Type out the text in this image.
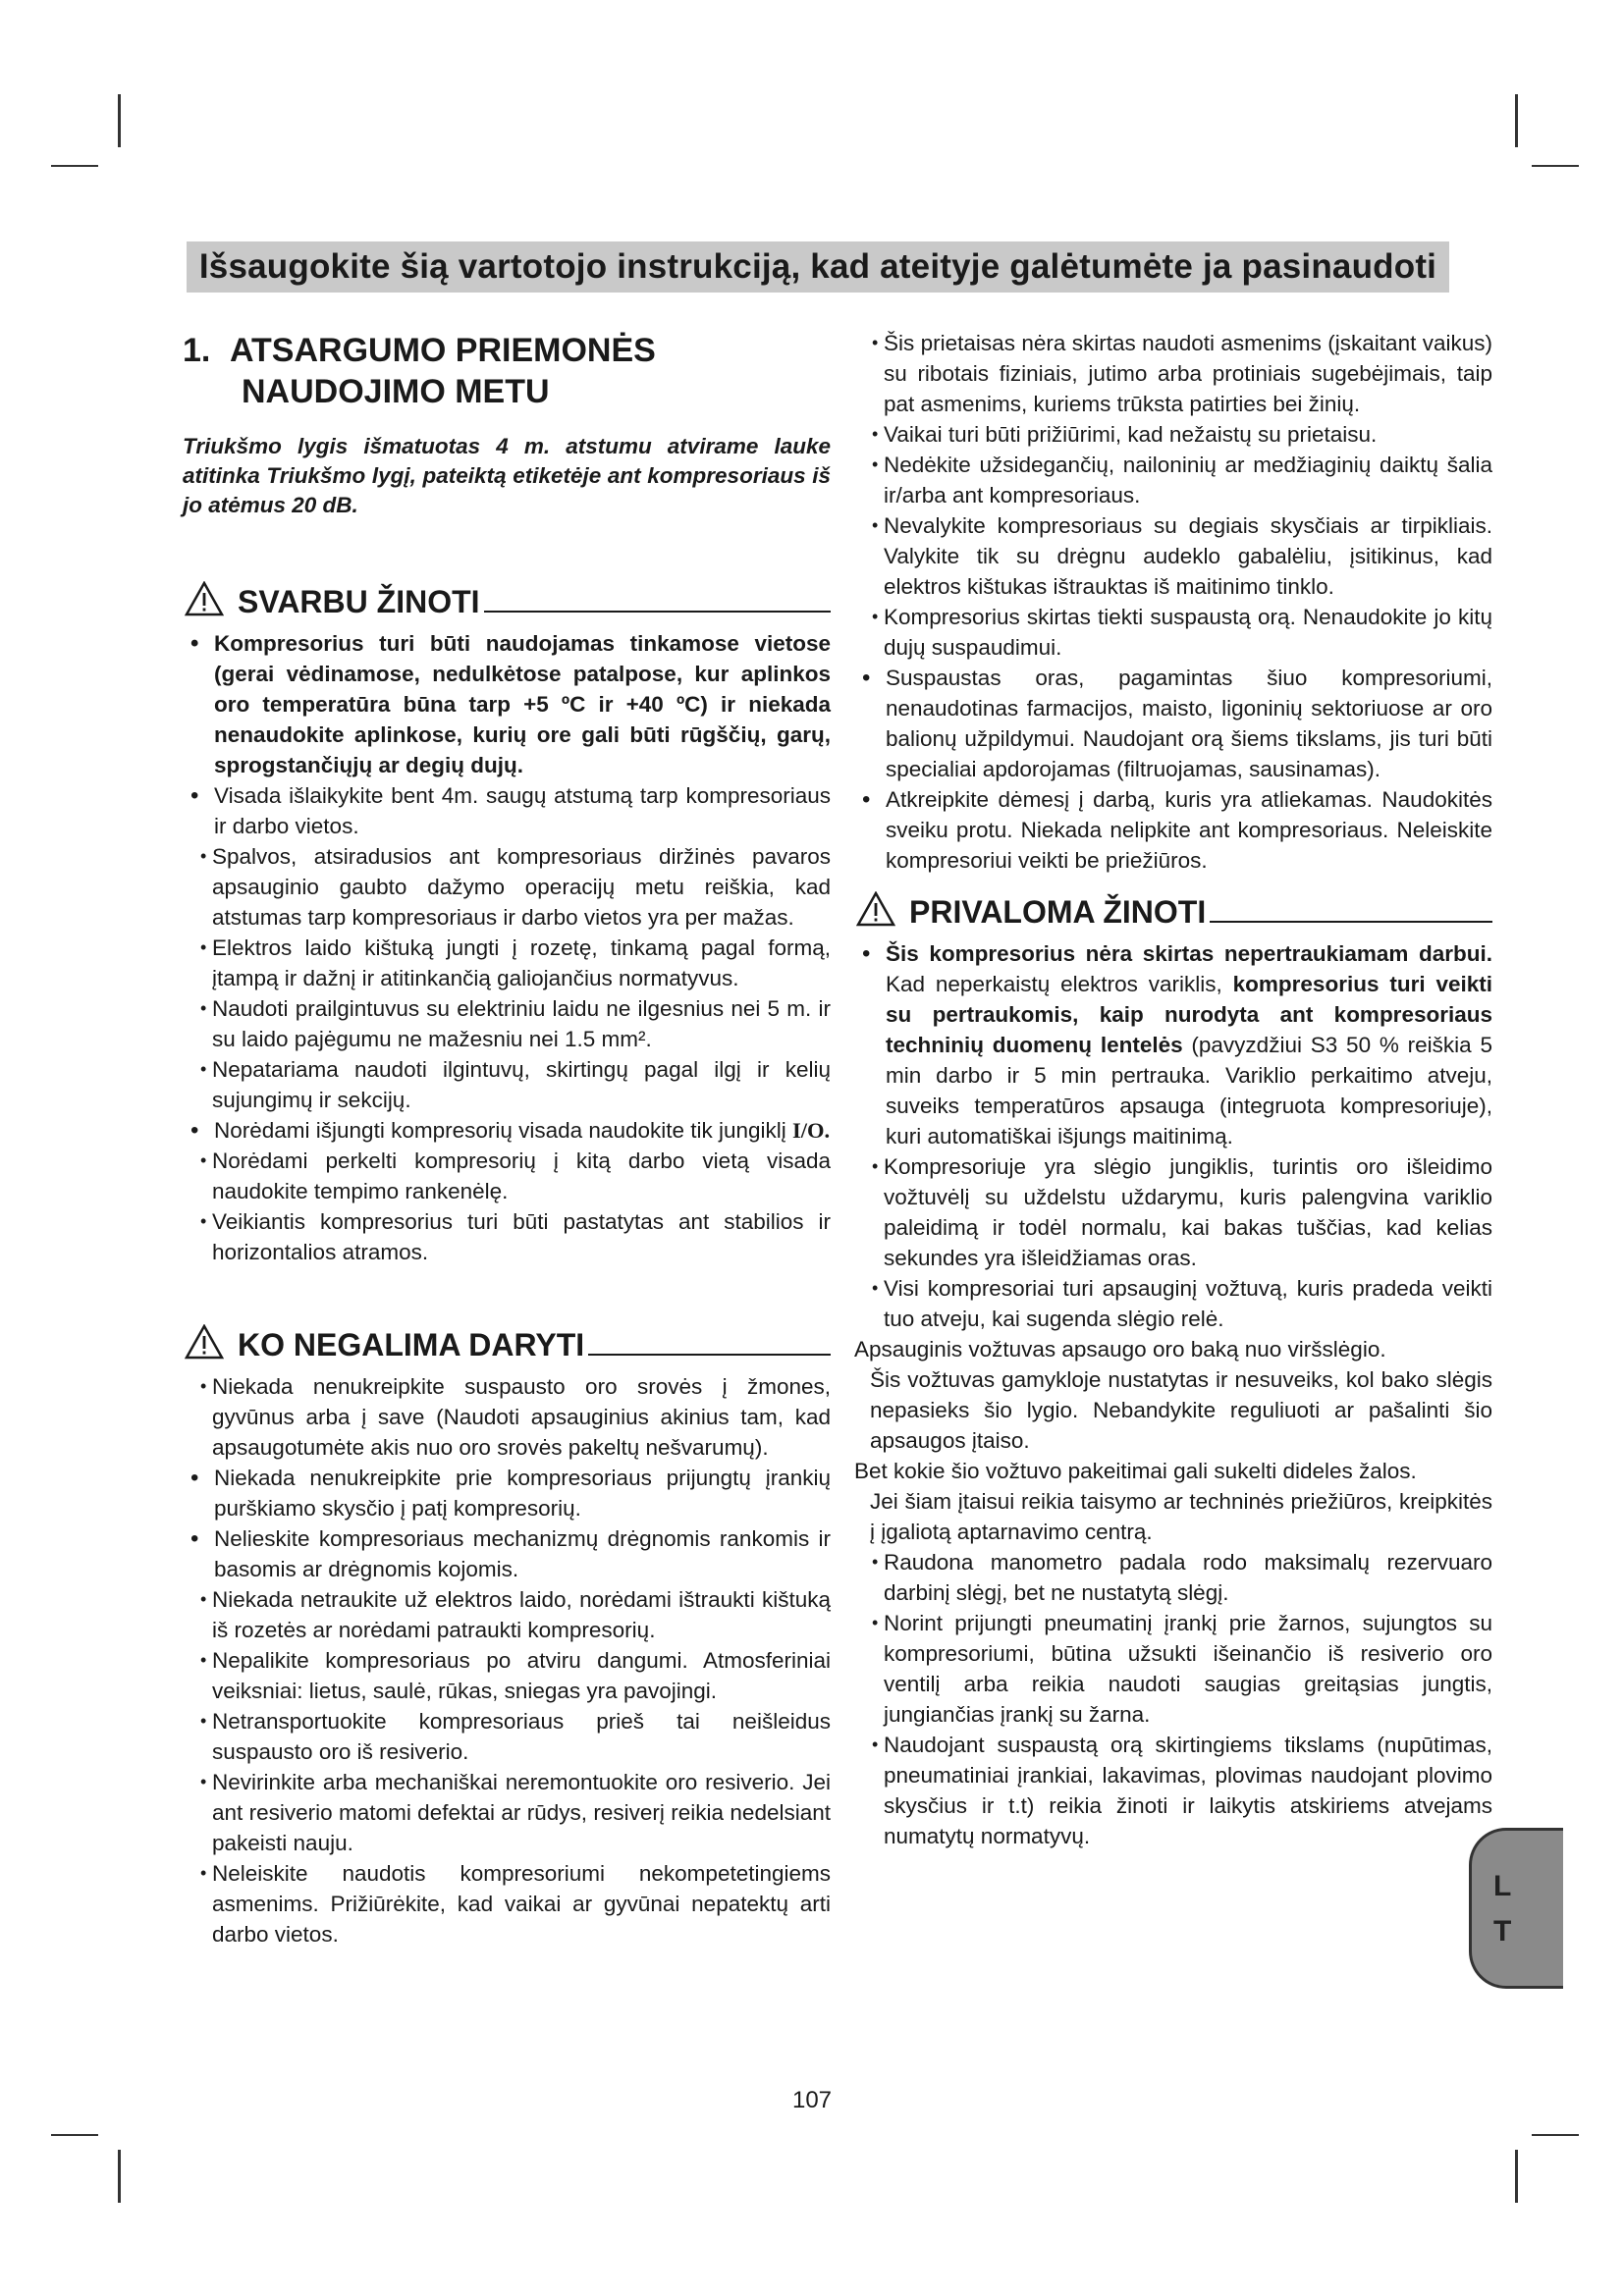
Išsaugokite šią vartotojo instrukciją, kad ateityje galėtumėte ja pasinaudoti
1. ATSARGUMO PRIEMONĖS
NAUDOJIMO METU

Triukšmo lygis išmatuotas 4 m. atstumu atvirame lauke atitinka Triukšmo lygį, pateiktą etiketėje ant kompresoriaus iš jo atėmus 20 dB.

SVARBU ŽINOTI
• Kompresorius turi būti naudojamas tinkamose vietose (gerai vėdinamose, nedulkėtose patalpose, kur aplinkos oro temperatūra būna tarp +5 ºC ir +40 ºC) ir niekada nenaudokite aplinkose, kurių ore gali būti rūgščių, garų, sprogstančiųjų ar degių dujų.
• Visada išlaikykite bent 4m. saugų atstumą tarp kompresoriaus ir darbo vietos.
• Spalvos, atsiradusios ant kompresoriaus diržinės pavaros apsauginio gaubto dažymo operacijų metu reiškia, kad atstumas tarp kompresoriaus ir darbo vietos yra per mažas.
• Elektros laido kištuką jungti į rozetę, tinkamą pagal formą, įtampą ir dažnį ir atitinkančią galiojančius normatyvus.
• Naudoti prailgintuvus su elektriniu laidu ne ilgesnius nei 5 m. ir su laido pajėgumu ne mažesniu nei 1.5 mm².
• Nepatariama naudoti ilgintuvų, skirtingų pagal ilgį ir kelių sujungimų ir sekcijų.
• Norėdami išjungti kompresorių visada naudokite tik jungiklį I/O.
• Norėdami perkelti kompresorių į kitą darbo vietą visada naudokite tempimo rankenėlę.
• Veikiantis kompresorius turi būti pastatytas ant stabilios ir horizontalios atramos.
KO NEGALIMA DARYTI
• Niekada nenukreipkite suspausto oro srovės į žmones, gyvūnus arba į save (Naudoti apsauginius akinius tam, kad apsaugotumėte akis nuo oro srovės pakeltų nešvarumų).
• Niekada nenukreipkite prie kompresoriaus prijungtų įrankių purškiamo skysčio į patį kompresorių.
• Nelieskite kompresoriaus mechanizmų drėgnomis rankomis ir basomis ar drėgnomis kojomis.
• Niekada netraukite už elektros laido, norėdami ištraukti kištuką iš rozetės ar norėdami patraukti kompresorių.
• Nepalikite kompresoriaus po atviru dangumi. Atmosferiniai veiksniai: lietus, saulė, rūkas, sniegas yra pavojingi.
• Netransportuokite kompresoriaus prieš tai neišleidus suspausto oro iš resiverio.
• Nevirinkite arba mechaniškai neremontuokite oro resiverio. Jei ant resiverio matomi defektai ar rūdys, resiverį reikia nedelsiant pakeisti nauju.
• Neleiskite naudotis kompresoriumi nekompetetingiems asmenims. Prižiūrėkite, kad vaikai ar gyvūnai nepatektų arti darbo vietos.
• Šis prietaisas nėra skirtas naudoti asmenims (įskaitant vaikus) su ribotais fiziniais, jutimo arba protiniais sugebėjimais, taip pat asmenims, kuriems trūksta patirties bei žinių.
• Vaikai turi būti prižiūrimi, kad nežaistų su prietaisu.
• Nedėkite užsidegančių, nailoninių ar medžiaginių daiktų šalia ir/arba ant kompresoriaus.
• Nevalykite kompresoriaus su degiais skysčiais ar tirpikliais. Valykite tik su drėgnu audeklo gabalėliu, įsitikinus, kad elektros kištukas ištrauktas iš maitinimo tinklo.
• Kompresorius skirtas tiekti suspaustą orą. Nenaudokite jo kitų dujų suspaudimui.
• Suspaustas oras, pagamintas šiuo kompresoriumi, nenaudotinas farmacijos, maisto, ligoninių sektoriuose ar oro balionų užpildymui. Naudojant orą šiems tikslams, jis turi būti specialiai apdorojamas (filtruojamas, sausinamas).
• Atkreipkite dėmesį į darbą, kuris yra atliekamas. Naudokitės sveiku protu. Niekada nelipkite ant kompresoriaus. Neleiskite kompresoriui veikti be priežiūros.
PRIVALOMA ŽINOTI
• Šis kompresorius nėra skirtas nepertraukiamam darbui. Kad neperkaistų elektros variklis, kompresorius turi veikti su pertraukomis, kaip nurodyta ant kompresoriaus techninių duomenų lentelės (pavyzdžiui S3 50 % reiškia 5 min darbo ir 5 min pertrauka. Variklio perkaitimo atveju, suveiks temperatūros apsauga (integruota kompresoriuje), kuri automatiškai išjungs maitinimą.
• Kompresoriuje yra slėgio jungiklis, turintis oro išleidimo vožtuvėlį su uždelstu uždarymu, kuris palengvina variklio paleidimą ir todėl normalu, kai bakas tuščias, kad kelias sekundes yra išleidžiamas oras.
• Visi kompresoriai turi apsauginį vožtuvą, kuris pradeda veikti tuo atveju, kai sugenda slėgio relė.
Apsauginis vožtuvas apsaugo oro baką nuo viršslėgio.
Šis vožtuvas gamykloje nustatytas ir nesuveiks, kol bako slėgis nepasieks šio lygio. Nebandykite reguliuoti ar pašalinti šio apsaugos įtaiso.
Bet kokie šio vožtuvo pakeitimai gali sukelti dideles žalos.
Jei šiam įtaisui reikia taisymo ar techninės priežiūros, kreipkitės į įgaliotą aptarnavimo centrą.
• Raudona manometro padala rodo maksimalų rezervuaro darbinį slėgį, bet ne nustatytą slėgį.
• Norint prijungti pneumatinį įrankį prie žarnos, sujungtos su kompresoriumi, būtina užsukti išeinančio iš resiverio oro ventilį arba reikia naudoti saugias greitąsias jungtis, jungiančias įrankį su žarna.
• Naudojant suspaustą orą skirtingiems tikslams (nupūtimas, pneumatiniai įrankiai, lakavimas, plovimas naudojant plovimo skysčius ir t.t) reikia žinoti ir laikytis atskiriems atvejams numatytų normatyvų.
L
T
107
